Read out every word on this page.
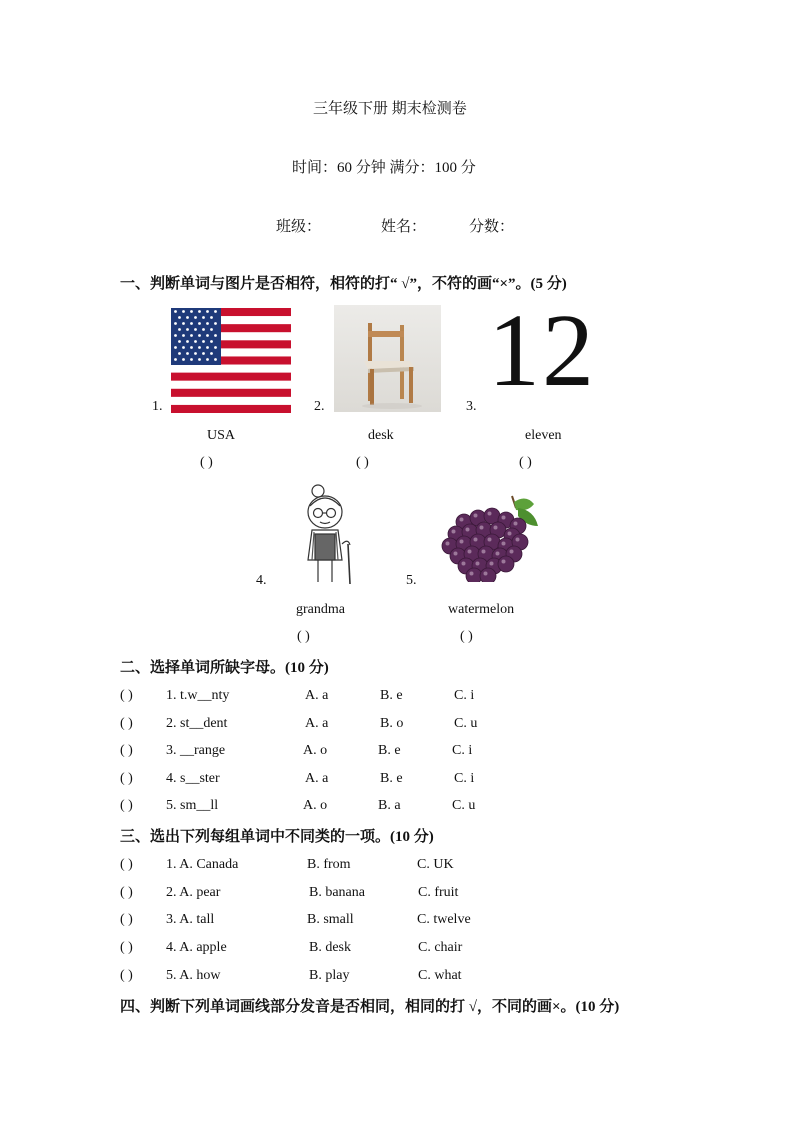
三年级下册 期末检测卷
时间：60 分钟 满分：100 分
班级：	姓名：	分数：
一、判断单词与图片是否相符，相符的打“ √”，不符的画“×”。(5 分)
1.
USA
( )
2.
desk
( )
3. 12
eleven
( )
4.
grandma
( )
5.
watermelon
( )
二、选择单词所缺字母。(10 分)
( ) 1. t.w__nty	A. a	B. e	C. i
( ) 2. st__dent	A. a	B. o	C. u
( ) 3. __range	A. o	B. e	C. i
( ) 4. s__ster	A. a	B. e	C. i
( ) 5. sm__ll	A. o	B. a	C. u
三、选出下列每组单词中不同类的一项。(10 分)
( ) 1. A. Canada	B. from	C. UK
( ) 2. A. pear	B. banana	C. fruit
( ) 3. A. tall	B. small	C. twelve
( ) 4. A. apple	B. desk	C. chair
( ) 5. A. how	B. play	C. what
四、判断下列单词画线部分发音是否相同，相同的打 √，不同的画×。(10 分)
